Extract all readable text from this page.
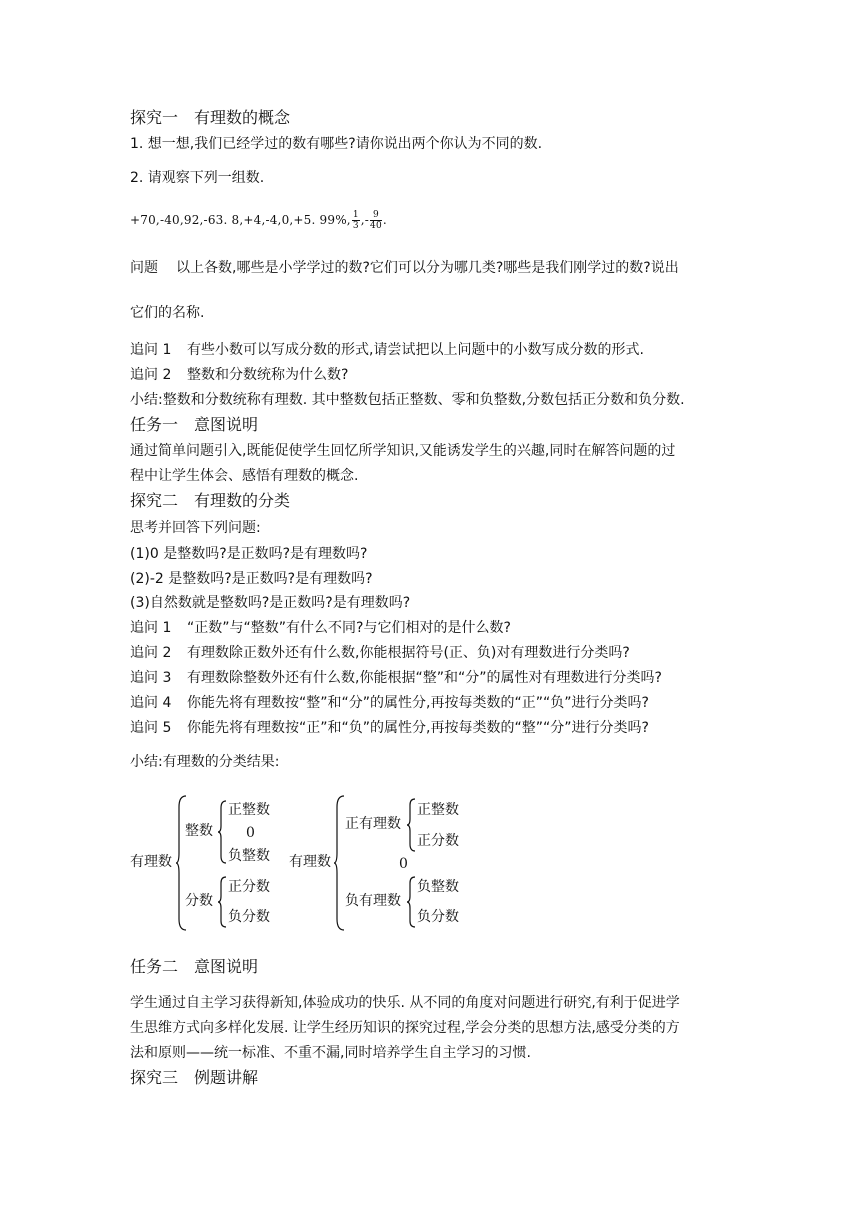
探究一　有理数的概念
1. 想一想,我们已经学过的数有哪些?请你说出两个你认为不同的数.
2. 请观察下列一组数.
+70,-40,92,-63. 8,+4,-4,0,+5. 99%, $\frac{1}{3}$ ,- $\frac{9}{40}$ .
问题 以上各数,哪些是小学学过的数?它们可以分为哪几类?哪些是我们刚学过的数?说出
它们的名称.
追问 1 有些小数可以写成分数的形式,请尝试把以上问题中的小数写成分数的形式.
追问 2 整数和分数统称为什么数?
小结:整数和分数统称有理数. 其中整数包括正整数、零和负整数,分数包括正分数和负分数.
任务一　意图说明
通过简单问题引入,既能促使学生回忆所学知识,又能诱发学生的兴趣,同时在解答问题的过
程中让学生体会、感悟有理数的概念.
探究二　有理数的分类
思考并回答下列问题:
(1)0 是整数吗?是正数吗?是有理数吗?
(2)-2 是整数吗?是正数吗?是有理数吗?
(3)自然数就是整数吗?是正数吗?是有理数吗?
追问 1 “正数”与“整数”有什么不同?与它们相对的是什么数?
追问 2 有理数除正数外还有什么数,你能根据符号(正、负)对有理数进行分类吗?
追问 3 有理数除整数外还有什么数,你能根据“整”和“分”的属性对有理数进行分类吗?
追问 4 你能先将有理数按“整”和“分”的属性分,再按每类数的“正”“负”进行分类吗?
追问 5 你能先将有理数按“正”和“负”的属性分,再按每类数的“整”“分”进行分类吗?
小结:有理数的分类结果:
有理数
整数
正整数
0
负整数
分数
正分数
负分数
有理数
正有理数
正整数
正分数
0
负有理数
负整数
负分数
任务二　意图说明
学生通过自主学习获得新知,体验成功的快乐. 从不同的角度对问题进行研究,有利于促进学
生思维方式向多样化发展. 让学生经历知识的探究过程,学会分类的思想方法,感受分类的方
法和原则——统一标准、不重不漏,同时培养学生自主学习的习惯.
探究三　例题讲解
